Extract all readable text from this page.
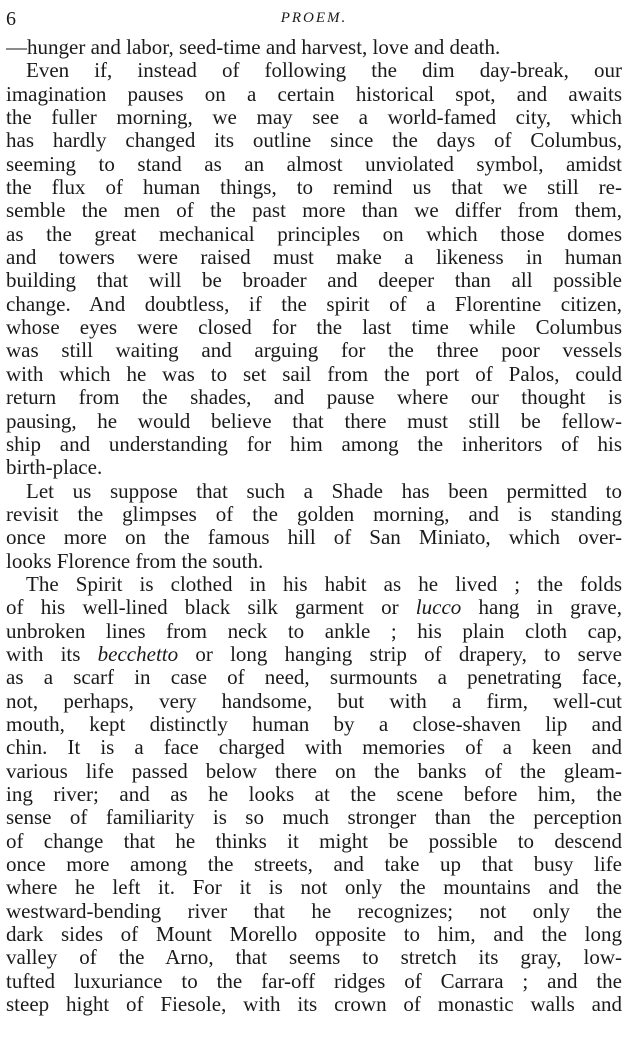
6	PROEM.
—hunger and labor, seed-time and harvest, love and death.
Even if, instead of following the dim day-break, our
imagination pauses on a certain historical spot, and awaits
the fuller morning, we may see a world-famed city, which
has hardly changed its outline since the days of Columbus,
seeming to stand as an almost unviolated symbol, amidst
the flux of human things, to remind us that we still re-
semble the men of the past more than we differ from them,
as the great mechanical principles on which those domes
and towers were raised must make a likeness in human
building that will be broader and deeper than all possible
change. And doubtless, if the spirit of a Florentine citizen,
whose eyes were closed for the last time while Columbus
was still waiting and arguing for the three poor vessels
with which he was to set sail from the port of Palos, could
return from the shades, and pause where our thought is
pausing, he would believe that there must still be fellow-
ship and understanding for him among the inheritors of his
birth-place.
Let us suppose that such a Shade has been permitted to
revisit the glimpses of the golden morning, and is standing
once more on the famous hill of San Miniato, which over-
looks Florence from the south.
The Spirit is clothed in his habit as he lived ; the folds
of his well-lined black silk garment or lucco hang in grave,
unbroken lines from neck to ankle ; his plain cloth cap,
with its becchetto or long hanging strip of drapery, to serve
as a scarf in case of need, surmounts a penetrating face,
not, perhaps, very handsome, but with a firm, well-cut
mouth, kept distinctly human by a close-shaven lip and
chin. It is a face charged with memories of a keen and
various life passed below there on the banks of the gleam-
ing river; and as he looks at the scene before him, the
sense of familiarity is so much stronger than the perception
of change that he thinks it might be possible to descend
once more among the streets, and take up that busy life
where he left it. For it is not only the mountains and the
westward-bending river that he recognizes; not only the
dark sides of Mount Morello opposite to him, and the long
valley of the Arno, that seems to stretch its gray, low-
tufted luxuriance to the far-off ridges of Carrara ; and the
steep hight of Fiesole, with its crown of monastic walls and
